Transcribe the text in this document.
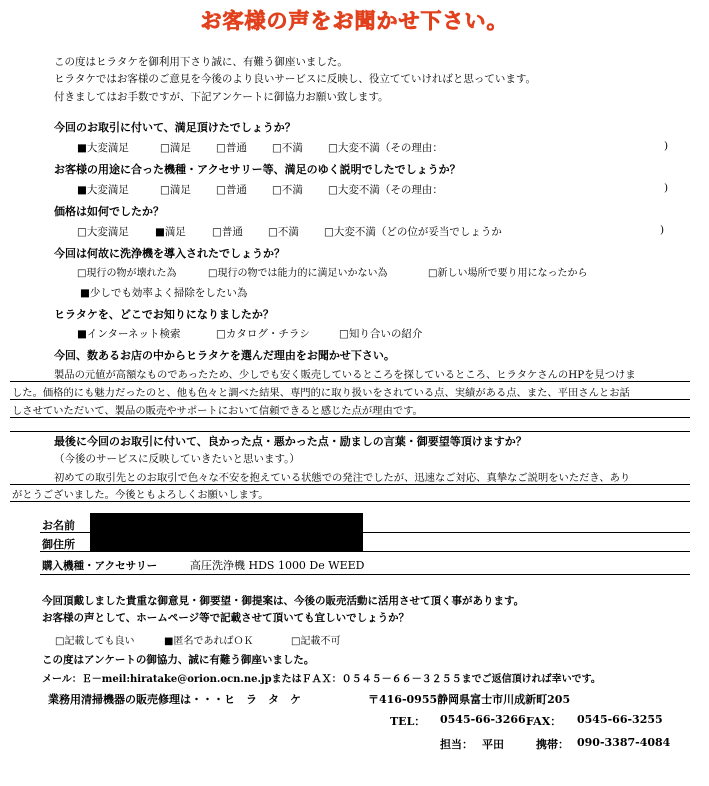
お客様の声をお聞かせ下さい。
この度はヒラタケを御利用下さり誠に、有難う御座いました。
ヒラタケではお客様のご意見を今後のより良いサービスに反映し、役立てていければと思っています。
付きましてはお手数ですが、下記アンケートに御協力お願い致します。
今回のお取引に付いて、満足頂けたでしょうか？
■大変満足	□満足 □普通 □不満 □大変不満（その理由：	)
お客様の用途に合った機種・アクセサリー等、満足のゆく説明でしたでしょうか？
■大変満足	□満足 □普通 □不満 □大変不満（その理由：	)
価格は如何でしたか？
□大変満足 ■満足 □普通 □不満 □大変不満（どの位が妥当でしょうか	)
今回は何故に洗浄機を導入されたでしょうか？
□現行の物が壊れた為	□現行の物では能力的に満足いかない為	□新しい場所で要り用になったから
■少しでも効率よく掃除をしたい為
ヒラタケを、どこでお知りになりましたか？
■インターネット検索	□カタログ・チラシ	□知り合いの紹介
今回、数あるお店の中からヒラタケを選んだ理由をお聞かせ下さい。
製品の元値が高額なものであったため、少しでも安く販売しているところを探しているところ、ヒラタケさんのHPを見つけま
した。価格的にも魅力だったのと、他も色々と調べた結果、専門的に取り扱いをされている点、実績がある点、また、平田さんとお話
しさせていただいて、製品の販売やサポートにおいて信頼できると感じた点が理由です。
最後に今回のお取引に付いて、良かった点・悪かった点・励ましの言葉・御要望等頂けますか？
（今後のサービスに反映していきたいと思います。）
初めての取引先とのお取引で色々な不安を抱えている状態での発注でしたが、迅速なご対応、真摯なご説明をいただき、あり
がとうございました。今後ともよろしくお願いします。
お名前
御住所
購入機種・アクセサリー	高圧洗浄機 HDS 1000 De WEED
今回頂戴しました貴重な御意見・御要望・御提案は、今後の販売活動に活用させて頂く事があります。
お客様の声として、ホームページ等で記載させて頂いても宜しいでしょうか？
□記載しても良い	■匿名であればＯＫ	□記載不可
この度はアンケートの御協力、誠に有難う御座いました。
メール：Ｅ－meil:hiratake@orion.ocn.ne.jpまたはＦＡＸ：０５４５－６６－３２５５までご返信頂ければ幸いです。
業務用清掃機器の販売修理は・・・ヒ　ラ　タ　ケ	〒416-0955静岡県富士市川成新町205
TEL： 0545-66-3266 FAX： 0545-66-3255
担当： 平田	携帯： 090-3387-4084
